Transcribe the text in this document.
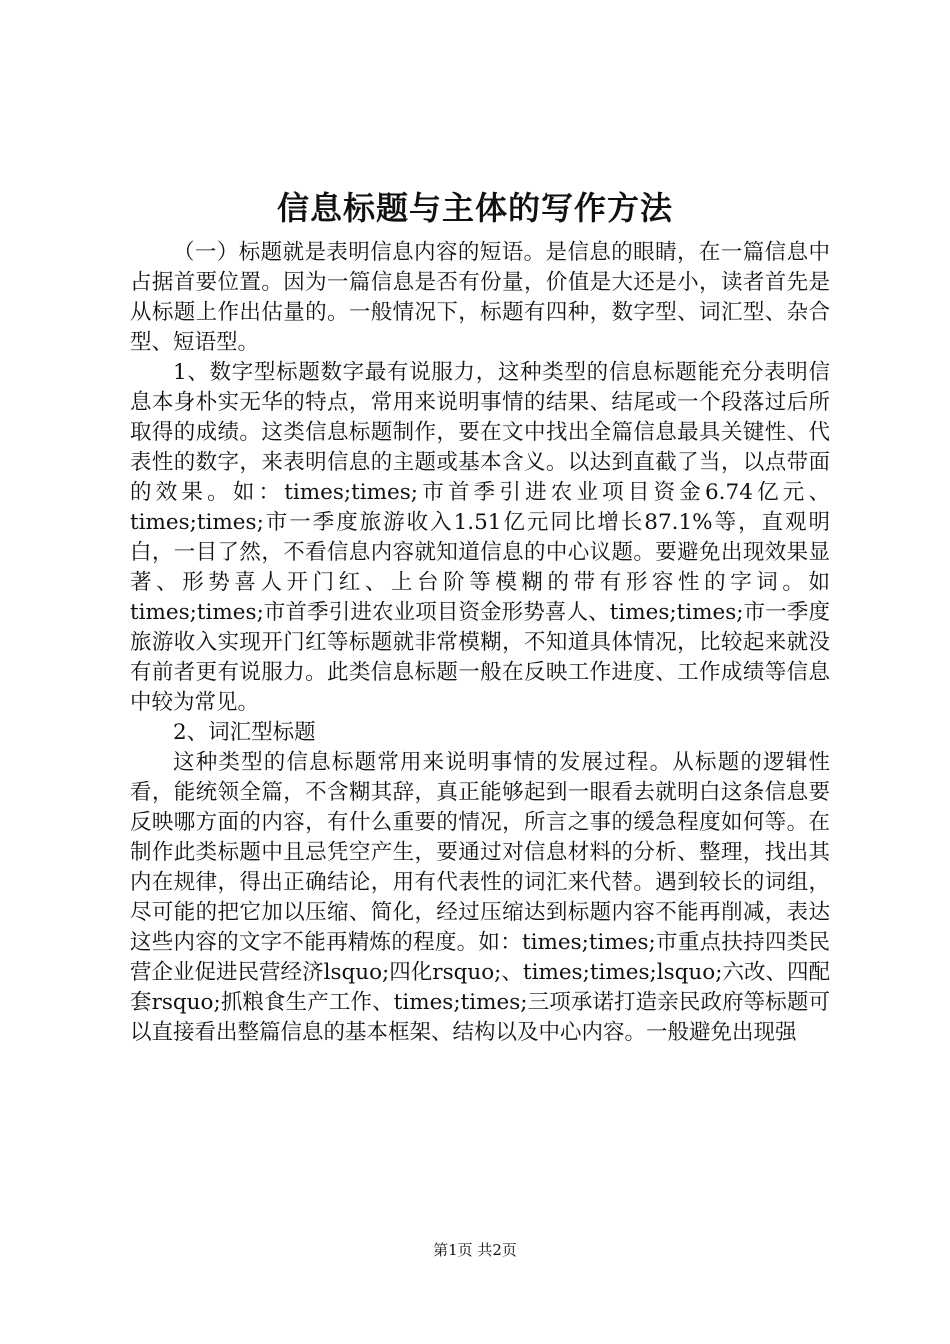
信息标题与主体的写作方法

（一）标题就是表明信息内容的短语。是信息的眼睛，在一篇信息中占据首要位置。因为一篇信息是否有份量，价值是大还是小，读者首先是从标题上作出估量的。一般情况下，标题有四种，数字型、词汇型、杂合型、短语型。

1、数字型标题数字最有说服力，这种类型的信息标题能充分表明信息本身朴实无华的特点，常用来说明事情的结果、结尾或一个段落过后所取得的成绩。这类信息标题制作，要在文中找出全篇信息最具关键性、代表性的数字，来表明信息的主题或基本含义。以达到直截了当，以点带面的效果。如：times;times;市首季引进农业项目资金6.74亿元、times;times;市一季度旅游收入1.51亿元同比增长87.1%等，直观明白，一目了然，不看信息内容就知道信息的中心议题。要避免出现效果显著、形势喜人开门红、上台阶等模糊的带有形容性的字词。如times;times;市首季引进农业项目资金形势喜人、times;times;市一季度旅游收入实现开门红等标题就非常模糊，不知道具体情况，比较起来就没有前者更有说服力。此类信息标题一般在反映工作进度、工作成绩等信息中较为常见。

2、词汇型标题

这种类型的信息标题常用来说明事情的发展过程。从标题的逻辑性看，能统领全篇，不含糊其辞，真正能够起到一眼看去就明白这条信息要反映哪方面的内容，有什么重要的情况，所言之事的缓急程度如何等。在制作此类标题中且忌凭空产生，要通过对信息材料的分析、整理，找出其内在规律，得出正确结论，用有代表性的词汇来代替。遇到较长的词组，尽可能的把它加以压缩、简化，经过压缩达到标题内容不能再削减，表达这些内容的文字不能再精炼的程度。如：times;times;市重点扶持四类民营企业促进民营经济lsquo;四化rsquo;、times;times;lsquo;六改、四配套rsquo;抓粮食生产工作、times;times;三项承诺打造亲民政府等标题可以直接看出整篇信息的基本框架、结构以及中心内容。一般避免出现强

第1页 共2页
